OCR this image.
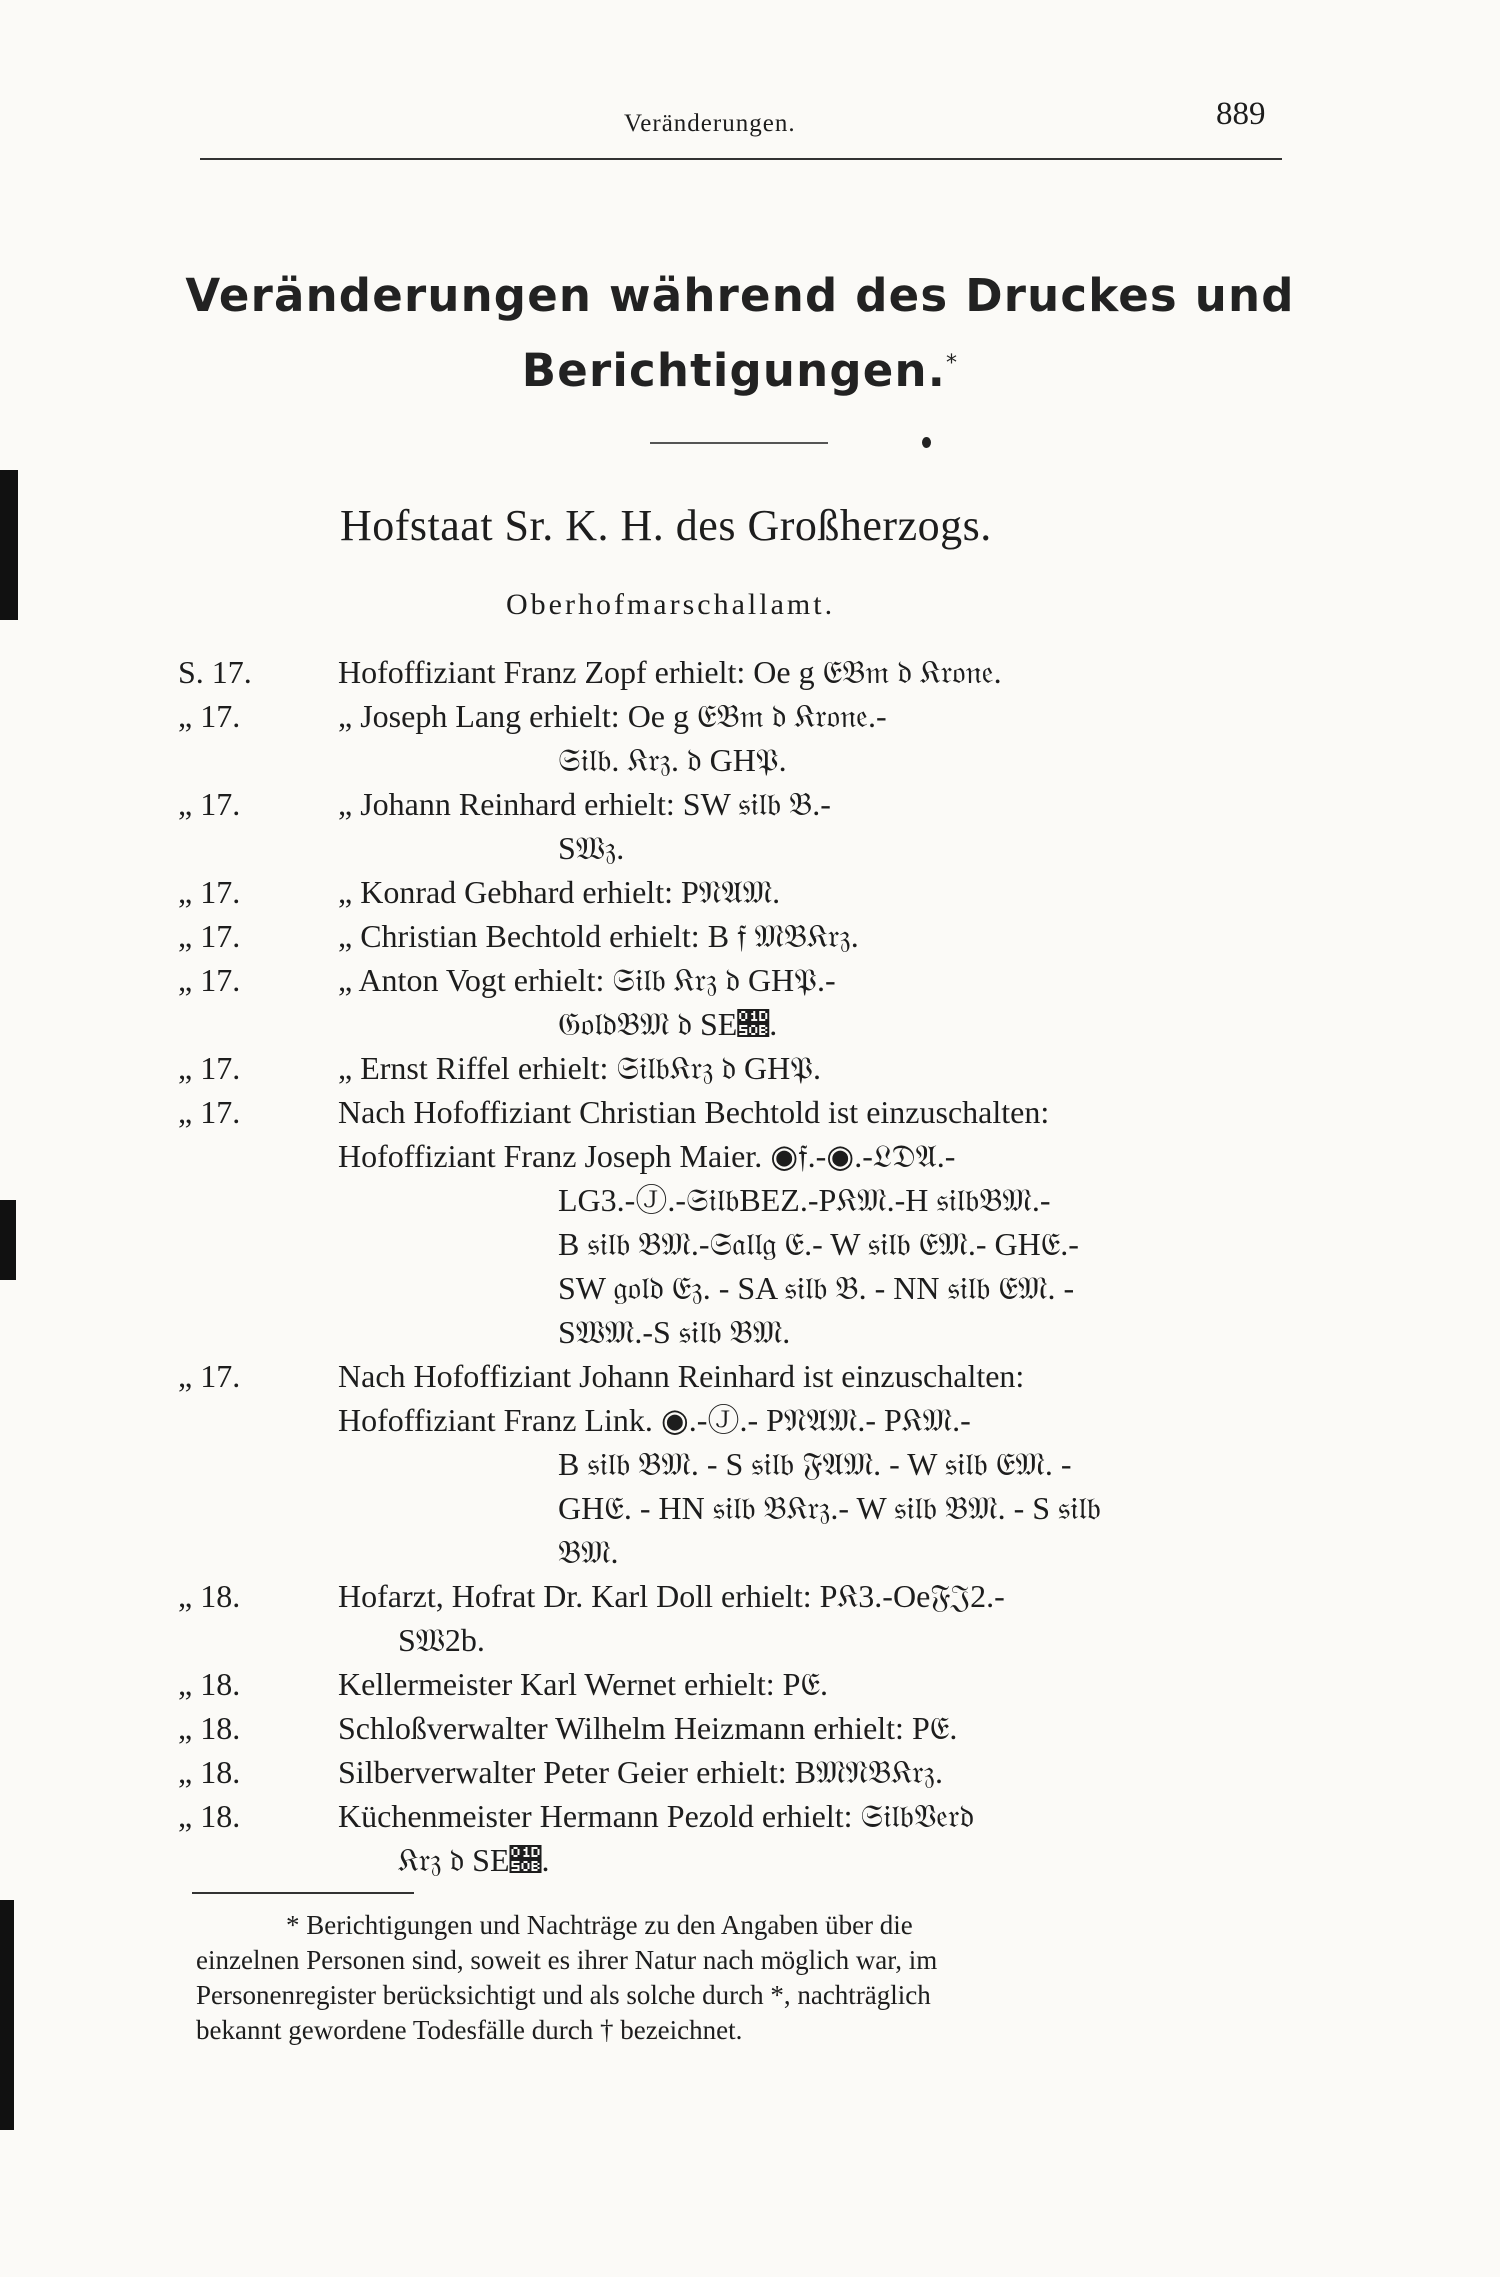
Veränderungen.	889
Veränderungen während des Druckes und
Berichtigungen.*
Hofstaat Sr. K. H. des Großherzogs.
Oberhofmarschallamt.
S. 17.	Hofoffiziant Franz Zopf erhielt: Oe g 𝔈𝔅𝔪 𝔡 𝔎𝔯𝔬𝔫𝔢.
„ 17.	„ Joseph Lang erhielt: Oe g 𝔈𝔅𝔪 𝔡 𝔎𝔯𝔬𝔫𝔢.-
𝔖𝔦𝔩𝔟. 𝔎𝔯𝔷. 𝔡 GH𝔓.
„ 17.	„ Johann Reinhard erhielt: SW 𝔰𝔦𝔩𝔟 𝔅.-
S𝔚𝔷.
„ 17.	„ Konrad Gebhard erhielt: P𝔑𝔄𝔐.
„ 17.	„ Christian Bechtold erhielt: B 𝔣 𝔐𝔅𝔎𝔯𝔷.
„ 17.	„ Anton Vogt erhielt: 𝔖𝔦𝔩𝔟 𝔎𝔯𝔷 𝔡 GH𝔓.-
𝔊𝔬𝔩𝔡𝔅𝔐 𝔡 SE𝔋.
„ 17.	„ Ernst Riffel erhielt: 𝔖𝔦𝔩𝔟𝔎𝔯𝔷 𝔡 GH𝔓.
„ 17.	Nach Hofoffiziant Christian Bechtold ist einzuschalten:
Hofoffiziant Franz Joseph Maier. ◉𝔣.-◉.-𝔏𝔇𝔄.-
LG3.-Ⓙ.-𝔖𝔦𝔩𝔟BEZ.-P𝔎𝔐.-H 𝔰𝔦𝔩𝔟𝔅𝔐.-
B 𝔰𝔦𝔩𝔟 𝔅𝔐.-𝔖𝔞𝔩𝔩𝔤 𝔈.- W 𝔰𝔦𝔩𝔟 𝔈𝔐.- GH𝔈.-
SW 𝔤𝔬𝔩𝔡 𝔈𝔷. - SA 𝔰𝔦𝔩𝔟 𝔅. - NN 𝔰𝔦𝔩𝔟 𝔈𝔐. -
S𝔚𝔐.-S 𝔰𝔦𝔩𝔟 𝔅𝔐.
„ 17.	Nach Hofoffiziant Johann Reinhard ist einzuschalten:
Hofoffiziant Franz Link. ◉.-Ⓙ.- P𝔑𝔄𝔐.- P𝔎𝔐.-
B 𝔰𝔦𝔩𝔟 𝔅𝔐. - S 𝔰𝔦𝔩𝔟 𝔉𝔄𝔐. - W 𝔰𝔦𝔩𝔟 𝔈𝔐. -
GH𝔈. - HN 𝔰𝔦𝔩𝔟 𝔅𝔎𝔯𝔷.- W 𝔰𝔦𝔩𝔟 𝔅𝔐. - S 𝔰𝔦𝔩𝔟
𝔅𝔐.
„ 18.	Hofarzt, Hofrat Dr. Karl Doll erhielt: P𝔎3.-Oe𝔉𝔍2.-
S𝔚2b.
„ 18.	Kellermeister Karl Wernet erhielt: P𝔈.
„ 18.	Schloßverwalter Wilhelm Heizmann erhielt: P𝔈.
„ 18.	Silberverwalter Peter Geier erhielt: B𝔐𝔑𝔅𝔎𝔯𝔷.
„ 18.	Küchenmeister Hermann Pezold erhielt: 𝔖𝔦𝔩𝔟𝔙𝔢𝔯𝔡
𝔎𝔯𝔷 𝔡 SE𝔋.

* Berichtigungen und Nachträge zu den Angaben über die

einzelnen Personen sind, soweit es ihrer Natur nach möglich war, im

Personenregister berücksichtigt und als solche durch *, nachträglich

bekannt gewordene Todesfälle durch † bezeichnet.
